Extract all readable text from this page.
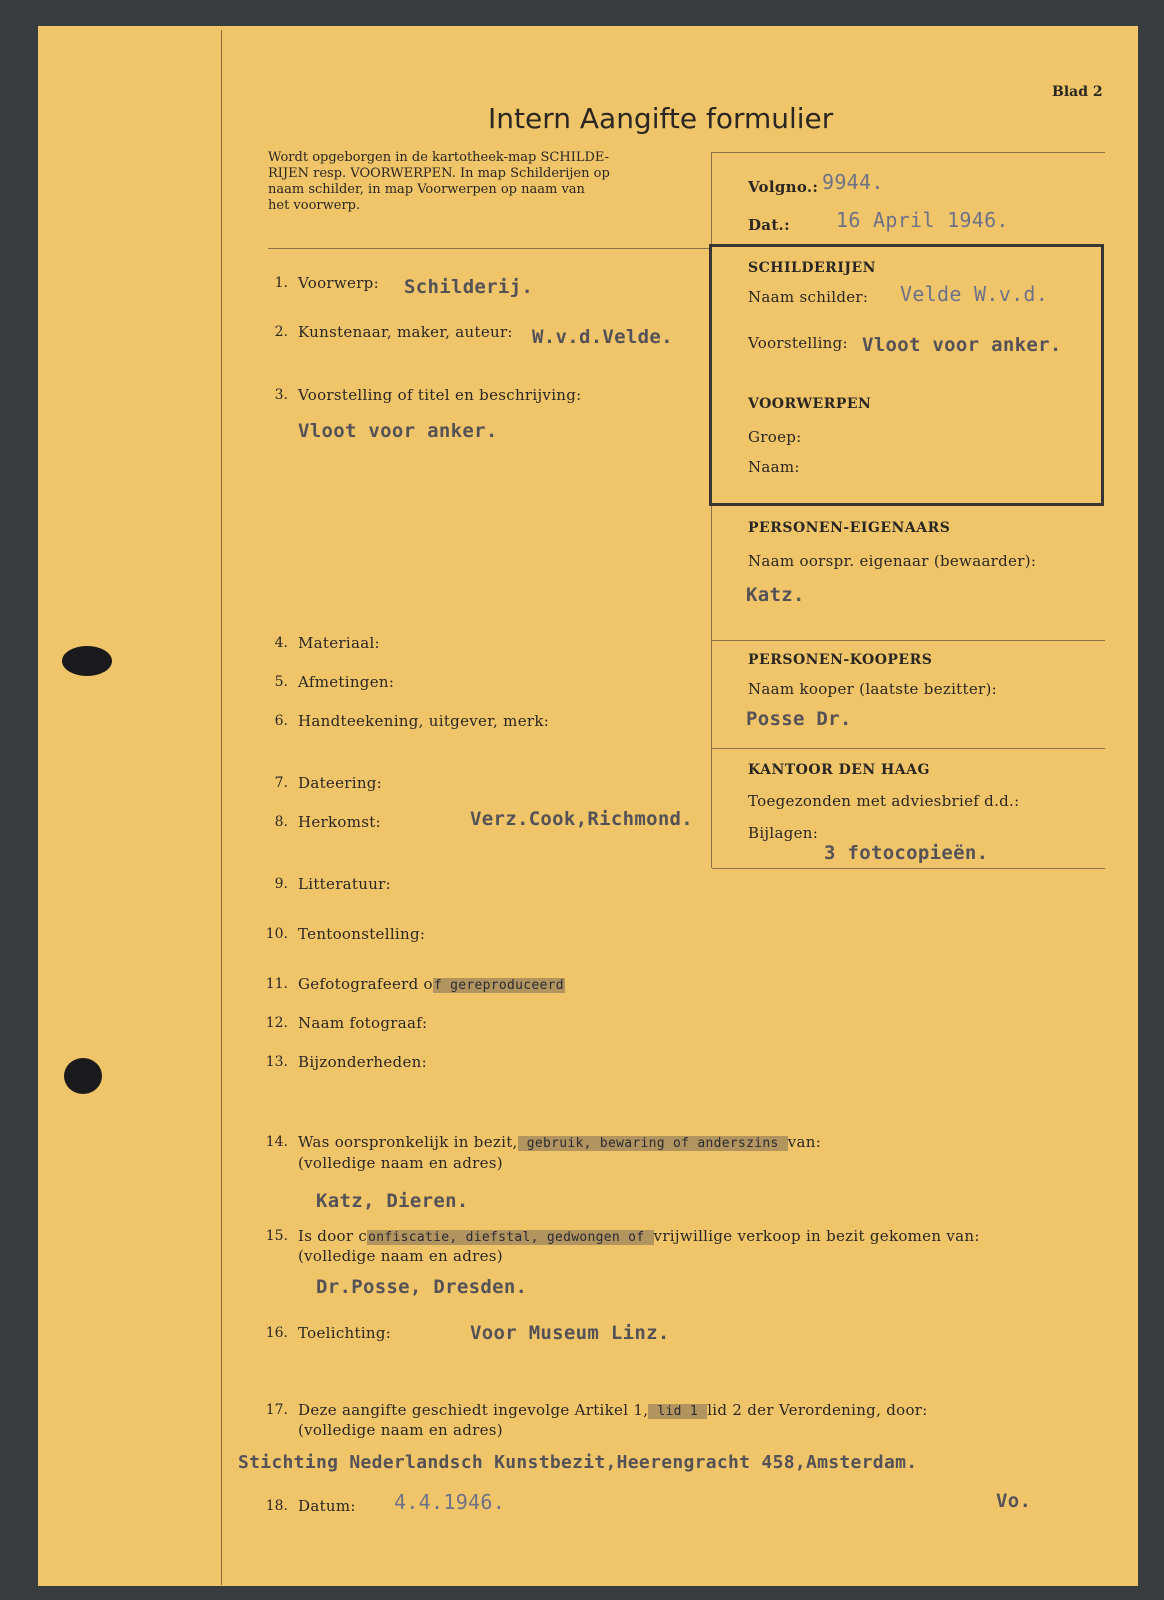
Blad 2
Intern Aangifte formulier
Wordt opgeborgen in de kartotheek-map SCHILDE-
RIJEN resp. VOORWERPEN. In map Schilderijen op
naam schilder, in map Voorwerpen op naam van
het voorwerp.
Volgno.: 9944.
Dat.: 16 April 1946.
SCHILDERIJEN
Naam schilder: Velde W.v.d.
Voorstelling: Vloot voor anker.
VOORWERPEN
Groep:
Naam:
PERSONEN-EIGENAARS
Naam oorspr. eigenaar (bewaarder):
Katz.
PERSONEN-KOOPERS
Naam kooper (laatste bezitter):
Posse Dr.
KANTOOR DEN HAAG
Toegezonden met adviesbrief d.d.:
Bijlagen:
3 fotocopieën.
1. Voorwerp: Schilderij.
2. Kunstenaar, maker, auteur: W.v.d.Velde.
3. Voorstelling of titel en beschrijving:
Vloot voor anker.
4. Materiaal:
5. Afmetingen:
6. Handteekening, uitgever, merk:
7. Dateering:
8. Herkomst:	Verz.Cook,Richmond.
9. Litteratuur:
10. Tentoonstelling:
11. Gefotografeerd of gereproduceerd
12. Naam fotograaf:
13. Bijzonderheden:
14. Was oorspronkelijk in bezit, gebruik, bewaring of anderszins van:
(volledige naam en adres)
Katz, Dieren.
15. Is door confiscatie, diefstal, gedwongen of vrijwillige verkoop in bezit gekomen van:
(volledige naam en adres)
Dr.Posse, Dresden.
16. Toelichting:	Voor Museum Linz.
17. Deze aangifte geschiedt ingevolge Artikel 1, lid 1 lid 2 der Verordening, door:
(volledige naam en adres)
Stichting Nederlandsch Kunstbezit,Heerengracht 458,Amsterdam.
18. Datum: 4.4.1946.	Vo.
